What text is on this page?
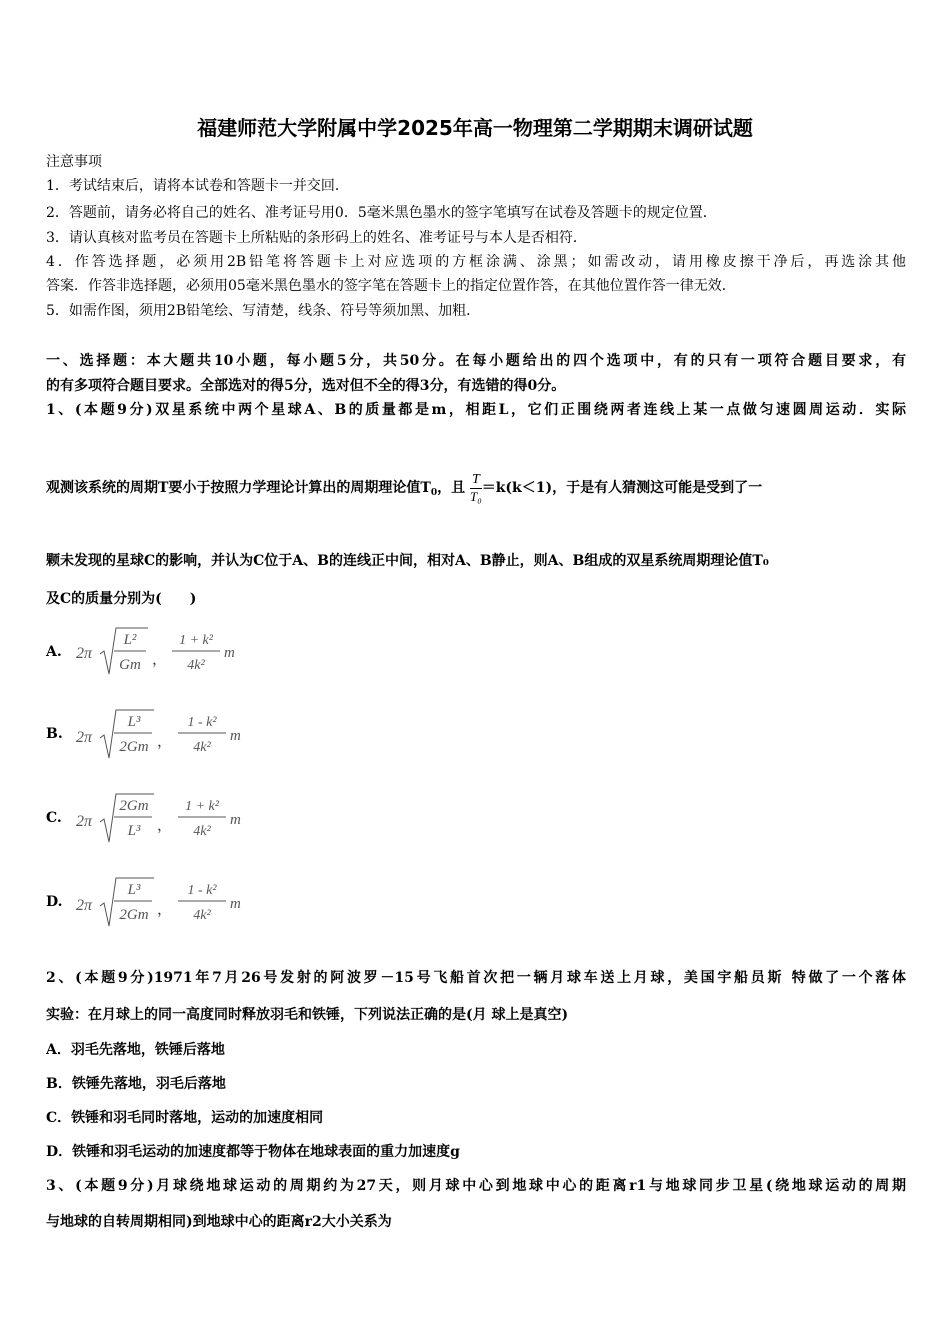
福建师范大学附属中学2025年高一物理第二学期期末调研试题
注意事项
1．考试结束后，请将本试卷和答题卡一并交回．
2．答题前，请务必将自己的姓名、准考证号用0．5毫米黑色墨水的签字笔填写在试卷及答题卡的规定位置．
3．请认真核对监考员在答题卡上所粘贴的条形码上的姓名、准考证号与本人是否相符．
4．作答选择题，必须用2B铅笔将答题卡上对应选项的方框涂满、涂黑；如需改动，请用橡皮擦干净后，再选涂其他
答案．作答非选择题，必须用05毫米黑色墨水的签字笔在答题卡上的指定位置作答，在其他位置作答一律无效．
5．如需作图，须用2B铅笔绘、写清楚，线条、符号等须加黑、加粗．
一、选择题：本大题共10小题，每小题5分，共50分。在每小题给出的四个选项中，有的只有一项符合题目要求，有
的有多项符合题目要求。全部选对的得5分，选对但不全的得3分，有选错的得0分。
1、(本题9分)双星系统中两个星球A、B的质量都是m，相距L，它们正围绕两者连线上某一点做匀速圆周运动．实际
观测该系统的周期T要小于按照力学理论计算出的周期理论值$T_0$，且 $\frac{T}{\text{T₀}} =k(k<1)$，于是有人猜测这可能是受到了一
颗未发现的星球C的影响，并认为C位于A、B的连线正中间，相对A、B静止，则A、B组成的双星系统周期理论值T₀
及C的质量分别为(　　)
A. 2π
L²
Gm ，
1 + k²
4k²
m
B. 2π
L³
2Gm ，
1 - k²
4k²
m
C. 2π
2Gm
L³ ，
1 + k²
4k²
m
D. 2π
L³
2Gm ，
1 - k²
4k²
m
2、(本题9分)1971年7月26号发射的阿波罗－15号飞船首次把一辆月球车送上月球，美国宇船员斯 特做了一个落体
实验：在月球上的同一高度同时释放羽毛和铁锤，下列说法正确的是(月 球上是真空)
A．羽毛先落地，铁锤后落地
B．铁锤先落地，羽毛后落地
C．铁锤和羽毛同时落地，运动的加速度相同
D．铁锤和羽毛运动的加速度都等于物体在地球表面的重力加速度g
3、(本题9分)月球绕地球运动的周期约为27天，则月球中心到地球中心的距离r1与地球同步卫星(绕地球运动的周期
与地球的自转周期相同)到地球中心的距离r2大小关系为
